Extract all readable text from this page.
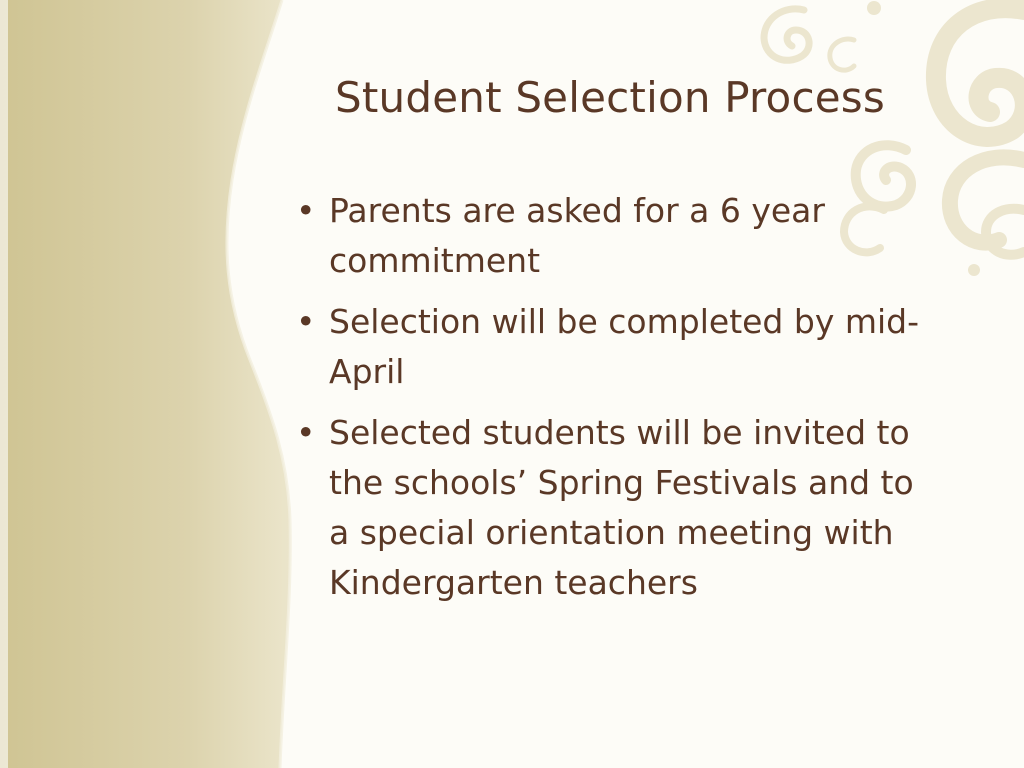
Student Selection Process
• Parents are asked for a 6 year commitment
• Selection will be completed by mid-April
• Selected students will be invited to the schools’ Spring Festivals and to a special orientation meeting with Kindergarten teachers
